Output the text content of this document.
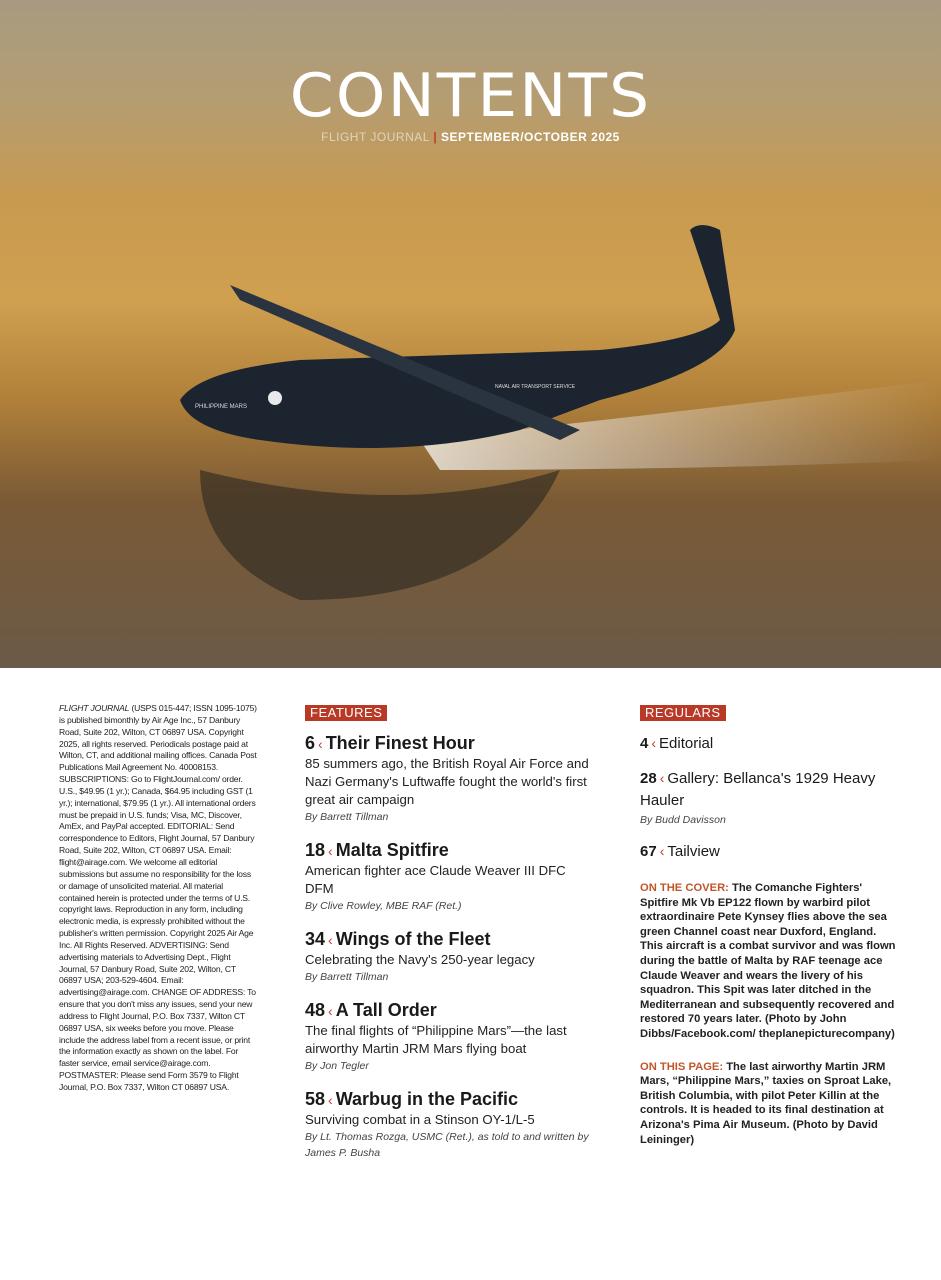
PHILIPPINE MARS
NAVAL AIR TRANSPORT SERVICE
CONTENTS
FLIGHT JOURNAL | SEPTEMBER/OCTOBER 2025
FLIGHT JOURNAL (USPS 015-447; ISSN 1095-1075) is published bimonthly by Air Age Inc., 57 Danbury Road, Suite 202, Wilton, CT 06897 USA. Copyright 2025, all rights reserved. Periodicals postage paid at Wilton, CT, and additional mailing offices. Canada Post Publications Mail Agreement No. 40008153. SUBSCRIPTIONS: Go to FlightJournal.com/ order. U.S., $49.95 (1 yr.); Canada, $64.95 including GST (1 yr.); international, $79.95 (1 yr.). All international orders must be prepaid in U.S. funds; Visa, MC, Discover, AmEx, and PayPal accepted. EDITORIAL: Send correspondence to Editors, Flight Journal, 57 Danbury Road, Suite 202, Wilton, CT 06897 USA. Email: flight@airage.com. We welcome all editorial submissions but assume no responsibility for the loss or damage of unsolicited material. All material contained herein is protected under the terms of U.S. copyright laws. Reproduction in any form, including electronic media, is expressly prohibited without the publisher's written permission. Copyright 2025 Air Age Inc. All Rights Reserved. ADVERTISING: Send advertising materials to Advertising Dept., Flight Journal, 57 Danbury Road, Suite 202, Wilton, CT 06897 USA; 203-529-4604. Email: advertising@airage.com. CHANGE OF ADDRESS: To ensure that you don't miss any issues, send your new address to Flight Journal, P.O. Box 7337, Wilton CT 06897 USA, six weeks before you move. Please include the address label from a recent issue, or print the information exactly as shown on the label. For faster service, email service@airage.com. POSTMASTER: Please send Form 3579 to Flight Journal, P.O. Box 7337, Wilton CT 06897 USA.
FEATURES
6 ‹ Their Finest Hour
85 summers ago, the British Royal Air Force and Nazi Germany's Luftwaffe fought the world's first great air campaign
By Barrett Tillman
18 ‹ Malta Spitfire
American fighter ace Claude Weaver III DFC DFM
By Clive Rowley, MBE RAF (Ret.)
34 ‹ Wings of the Fleet
Celebrating the Navy's 250-year legacy
By Barrett Tillman
48 ‹ A Tall Order
The final flights of “Philippine Mars”—the last airworthy Martin JRM Mars flying boat
By Jon Tegler
58 ‹ Warbug in the Pacific
Surviving combat in a Stinson OY-1/L-5
By Lt. Thomas Rozga, USMC (Ret.), as told to and written by James P. Busha
REGULARS
4 ‹ Editorial
28 ‹ Gallery: Bellanca's 1929 Heavy Hauler
By Budd Davisson
67 ‹ Tailview
ON THE COVER: The Comanche Fighters' Spitfire Mk Vb EP122 flown by warbird pilot extraordinaire Pete Kynsey flies above the sea green Channel coast near Duxford, England. This aircraft is a combat survivor and was flown during the battle of Malta by RAF teenage ace Claude Weaver and wears the livery of his squadron. This Spit was later ditched in the Mediterranean and subsequently recovered and restored 70 years later. (Photo by John Dibbs/Facebook.com/ theplanepicturecompany)
ON THIS PAGE: The last airworthy Martin JRM Mars, “Philippine Mars,” taxies on Sproat Lake, British Columbia, with pilot Peter Killin at the controls. It is headed to its final destination at Arizona's Pima Air Museum. (Photo by David Leininger)
